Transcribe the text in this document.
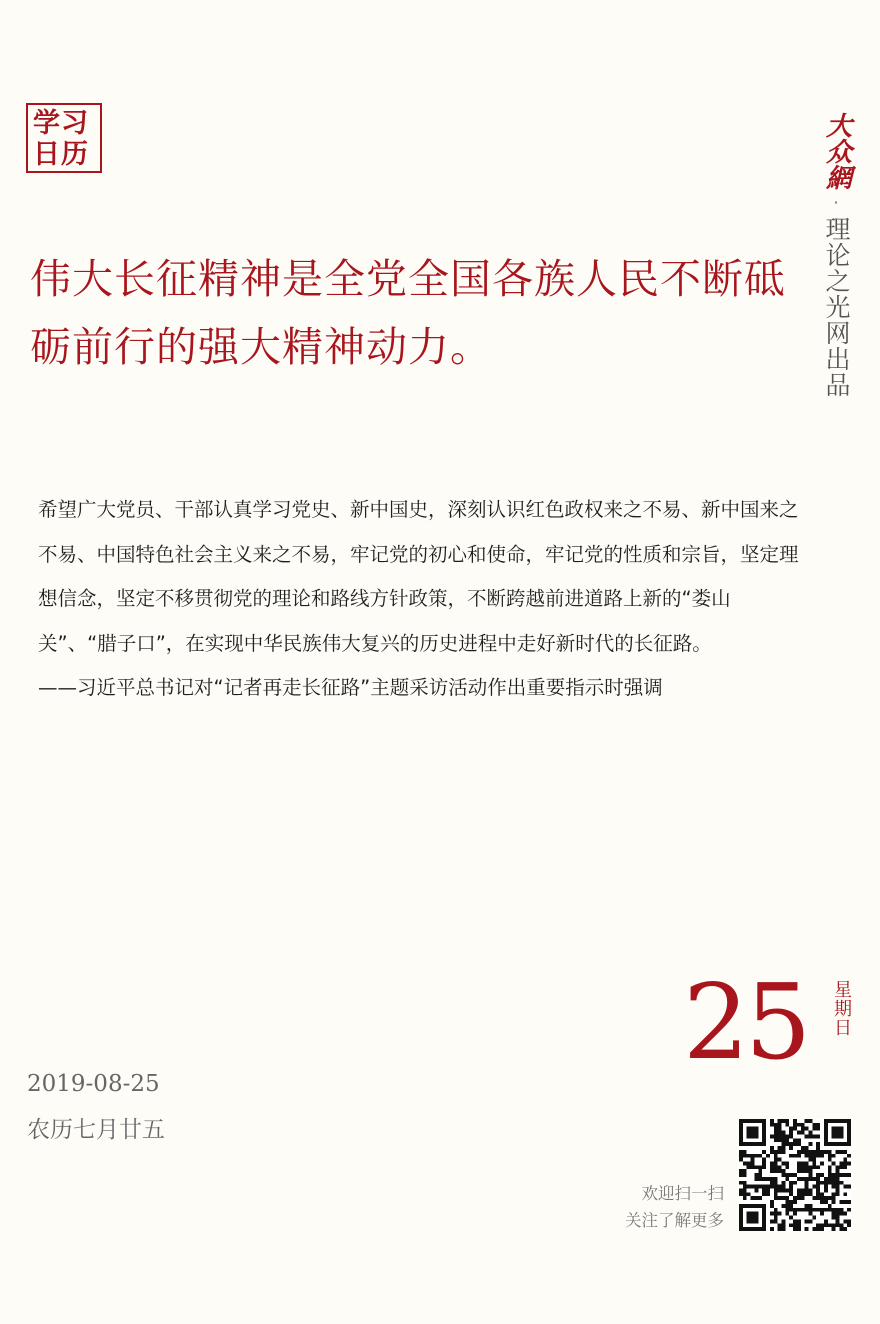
学习
日历	大众網
·
理论之光网出品
伟大长征精神是全党全国各族人民不断砥砺前行的强大精神动力。

希望广大党员、干部认真学习党史、新中国史，深刻认识红色政权来之不易、新中国来之不易、中国特色社会主义来之不易，牢记党的初心和使命，牢记党的性质和宗旨，坚定理想信念，坚定不移贯彻党的理论和路线方针政策，不断跨越前进道路上新的“娄山关”、“腊子口”，在实现中华民族伟大复兴的历史进程中走好新时代的长征路。

——习近平总书记对“记者再走长征路”主题采访活动作出重要指示时强调

25 星期日
2019-08-25
农历七月廿五
欢迎扫一扫
关注了解更多
